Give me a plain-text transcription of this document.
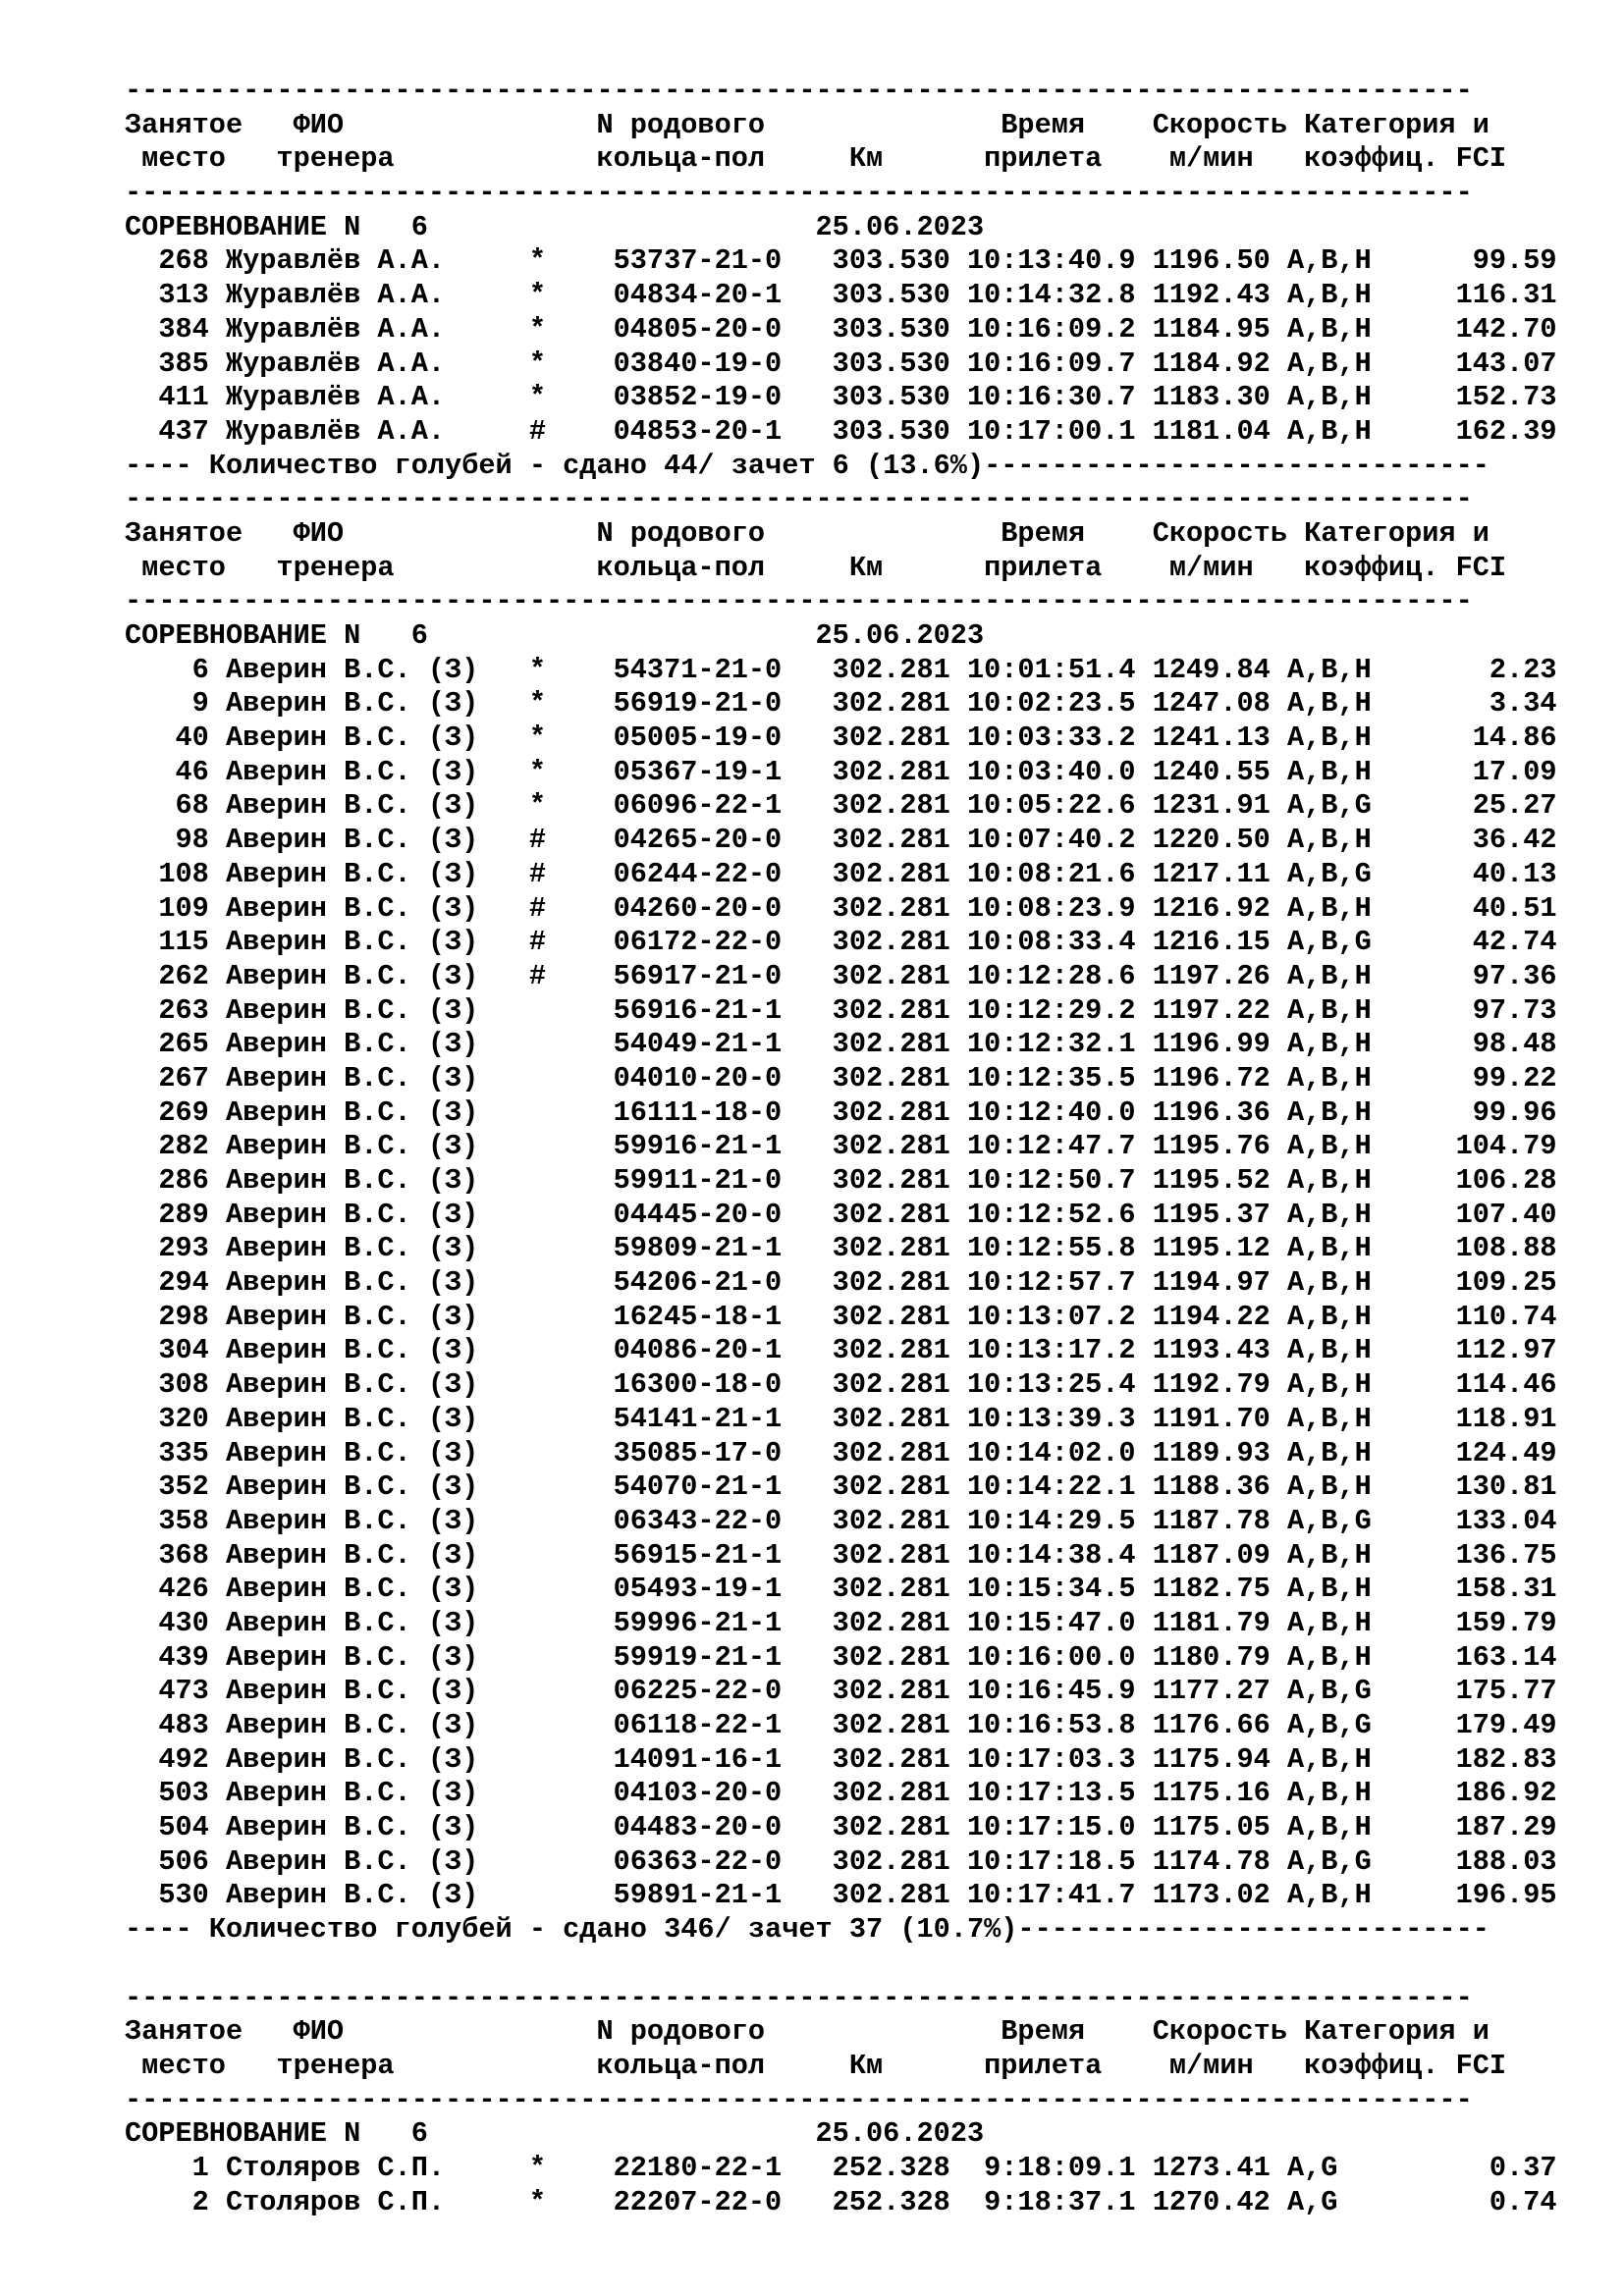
--------------------------------------------------------------------------------
Занятое   ФИО               N родового              Время    Скорость Категория и
место   тренера            кольца-пол     Км      прилета    м/мин   коэффиц. FCI
--------------------------------------------------------------------------------
СОРЕВНОВАНИЕ N   6                       25.06.2023
268 Журавлёв А.А.     *    53737-21-0   303.530 10:13:40.9 1196.50 A,B,H      99.59
313 Журавлёв А.А.     *    04834-20-1   303.530 10:14:32.8 1192.43 A,B,H     116.31
384 Журавлёв А.А.     *    04805-20-0   303.530 10:16:09.2 1184.95 A,B,H     142.70
385 Журавлёв А.А.     *    03840-19-0   303.530 10:16:09.7 1184.92 A,B,H     143.07
411 Журавлёв А.А.     *    03852-19-0   303.530 10:16:30.7 1183.30 A,B,H     152.73
437 Журавлёв А.А.     #    04853-20-1   303.530 10:17:00.1 1181.04 A,B,H     162.39
---- Количество голубей - сдано 44/ зачет 6 (13.6%)------------------------------
--------------------------------------------------------------------------------
Занятое   ФИО               N родового              Время    Скорость Категория и
место   тренера            кольца-пол     Км      прилета    м/мин   коэффиц. FCI
--------------------------------------------------------------------------------
СОРЕВНОВАНИЕ N   6                       25.06.2023
6 Аверин В.С. (З)   *    54371-21-0   302.281 10:01:51.4 1249.84 A,B,H       2.23
9 Аверин В.С. (З)   *    56919-21-0   302.281 10:02:23.5 1247.08 A,B,H       3.34
40 Аверин В.С. (З)   *    05005-19-0   302.281 10:03:33.2 1241.13 A,B,H      14.86
46 Аверин В.С. (З)   *    05367-19-1   302.281 10:03:40.0 1240.55 A,B,H      17.09
68 Аверин В.С. (З)   *    06096-22-1   302.281 10:05:22.6 1231.91 A,B,G      25.27
98 Аверин В.С. (З)   #    04265-20-0   302.281 10:07:40.2 1220.50 A,B,H      36.42
108 Аверин В.С. (З)   #    06244-22-0   302.281 10:08:21.6 1217.11 A,B,G      40.13
109 Аверин В.С. (З)   #    04260-20-0   302.281 10:08:23.9 1216.92 A,B,H      40.51
115 Аверин В.С. (З)   #    06172-22-0   302.281 10:08:33.4 1216.15 A,B,G      42.74
262 Аверин В.С. (З)   #    56917-21-0   302.281 10:12:28.6 1197.26 A,B,H      97.36
263 Аверин В.С. (З)        56916-21-1   302.281 10:12:29.2 1197.22 A,B,H      97.73
265 Аверин В.С. (З)        54049-21-1   302.281 10:12:32.1 1196.99 A,B,H      98.48
267 Аверин В.С. (З)        04010-20-0   302.281 10:12:35.5 1196.72 A,B,H      99.22
269 Аверин В.С. (З)        16111-18-0   302.281 10:12:40.0 1196.36 A,B,H      99.96
282 Аверин В.С. (З)        59916-21-1   302.281 10:12:47.7 1195.76 A,B,H     104.79
286 Аверин В.С. (З)        59911-21-0   302.281 10:12:50.7 1195.52 A,B,H     106.28
289 Аверин В.С. (З)        04445-20-0   302.281 10:12:52.6 1195.37 A,B,H     107.40
293 Аверин В.С. (З)        59809-21-1   302.281 10:12:55.8 1195.12 A,B,H     108.88
294 Аверин В.С. (З)        54206-21-0   302.281 10:12:57.7 1194.97 A,B,H     109.25
298 Аверин В.С. (З)        16245-18-1   302.281 10:13:07.2 1194.22 A,B,H     110.74
304 Аверин В.С. (З)        04086-20-1   302.281 10:13:17.2 1193.43 A,B,H     112.97
308 Аверин В.С. (З)        16300-18-0   302.281 10:13:25.4 1192.79 A,B,H     114.46
320 Аверин В.С. (З)        54141-21-1   302.281 10:13:39.3 1191.70 A,B,H     118.91
335 Аверин В.С. (З)        35085-17-0   302.281 10:14:02.0 1189.93 A,B,H     124.49
352 Аверин В.С. (З)        54070-21-1   302.281 10:14:22.1 1188.36 A,B,H     130.81
358 Аверин В.С. (З)        06343-22-0   302.281 10:14:29.5 1187.78 A,B,G     133.04
368 Аверин В.С. (З)        56915-21-1   302.281 10:14:38.4 1187.09 A,B,H     136.75
426 Аверин В.С. (З)        05493-19-1   302.281 10:15:34.5 1182.75 A,B,H     158.31
430 Аверин В.С. (З)        59996-21-1   302.281 10:15:47.0 1181.79 A,B,H     159.79
439 Аверин В.С. (З)        59919-21-1   302.281 10:16:00.0 1180.79 A,B,H     163.14
473 Аверин В.С. (З)        06225-22-0   302.281 10:16:45.9 1177.27 A,B,G     175.77
483 Аверин В.С. (З)        06118-22-1   302.281 10:16:53.8 1176.66 A,B,G     179.49
492 Аверин В.С. (З)        14091-16-1   302.281 10:17:03.3 1175.94 A,B,H     182.83
503 Аверин В.С. (З)        04103-20-0   302.281 10:17:13.5 1175.16 A,B,H     186.92
504 Аверин В.С. (З)        04483-20-0   302.281 10:17:15.0 1175.05 A,B,H     187.29
506 Аверин В.С. (З)        06363-22-0   302.281 10:17:18.5 1174.78 A,B,G     188.03
530 Аверин В.С. (З)        59891-21-1   302.281 10:17:41.7 1173.02 A,B,H     196.95
---- Количество голубей - сдано 346/ зачет 37 (10.7%)----------------------------
--------------------------------------------------------------------------------
Занятое   ФИО               N родового              Время    Скорость Категория и
место   тренера            кольца-пол     Км      прилета    м/мин   коэффиц. FCI
--------------------------------------------------------------------------------
СОРЕВНОВАНИЕ N   6                       25.06.2023
1 Столяров С.П.     *    22180-22-1   252.328  9:18:09.1 1273.41 A,G         0.37
2 Столяров С.П.     *    22207-22-0   252.328  9:18:37.1 1270.42 A,G         0.74
